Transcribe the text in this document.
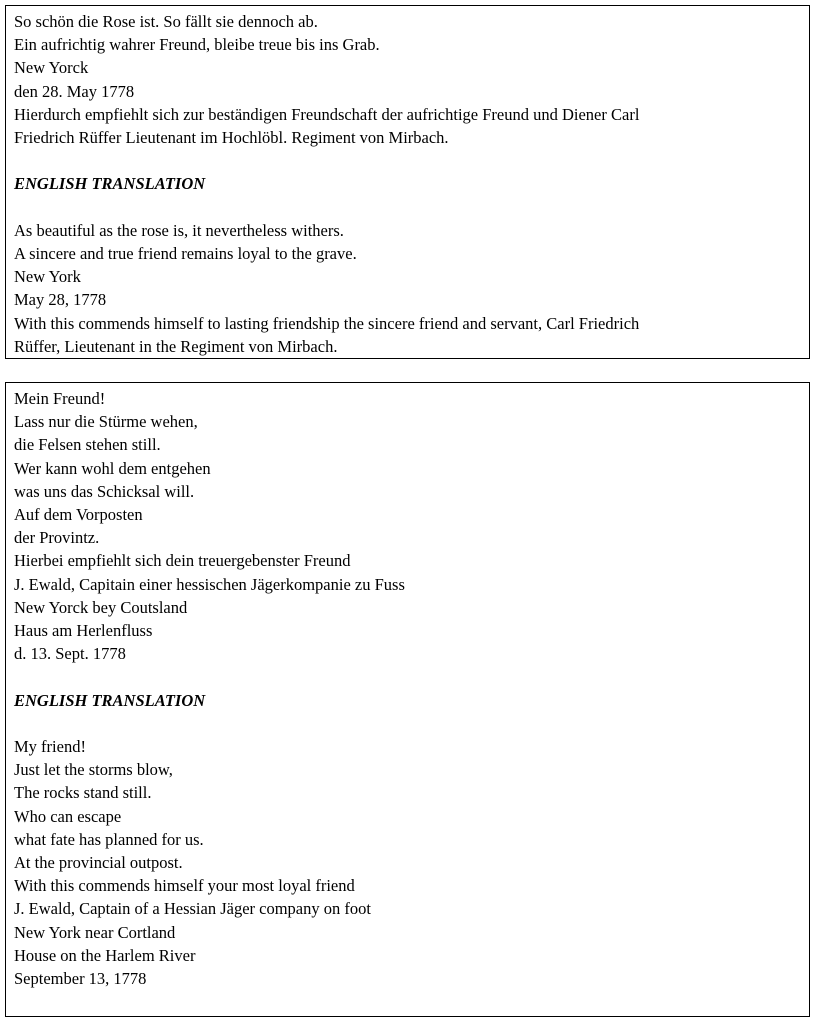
So schön die Rose ist. So fällt sie dennoch ab.
Ein aufrichtig wahrer Freund, bleibe treue bis ins Grab.
New Yorck
den 28. May 1778
Hierdurch empfiehlt sich zur beständigen Freundschaft der aufrichtige Freund und Diener Carl
Friedrich Rüffer Lieutenant im Hochlöbl. Regiment von Mirbach.
ENGLISH TRANSLATION
As beautiful as the rose is, it nevertheless withers.
A sincere and true friend remains loyal to the grave.
New York
May 28, 1778
With this commends himself to lasting friendship the sincere friend and servant, Carl Friedrich
Rüffer, Lieutenant in the Regiment von Mirbach.
Mein Freund!
Lass nur die Stürme wehen,
die Felsen stehen still.
Wer kann wohl dem entgehen
was uns das Schicksal will.
Auf dem Vorposten
der Provintz.
Hierbei empfiehlt sich dein treuergebenster Freund
J. Ewald, Capitain einer hessischen Jägerkompanie zu Fuss
New Yorck bey Coutsland
Haus am Herlenfluss
d. 13. Sept. 1778
ENGLISH TRANSLATION
My friend!
Just let the storms blow,
The rocks stand still.
Who can escape
what fate has planned for us.
At the provincial outpost.
With this commends himself your most loyal friend
J. Ewald, Captain of a Hessian Jäger company on foot
New York near Cortland
House on the Harlem River
September 13, 1778
